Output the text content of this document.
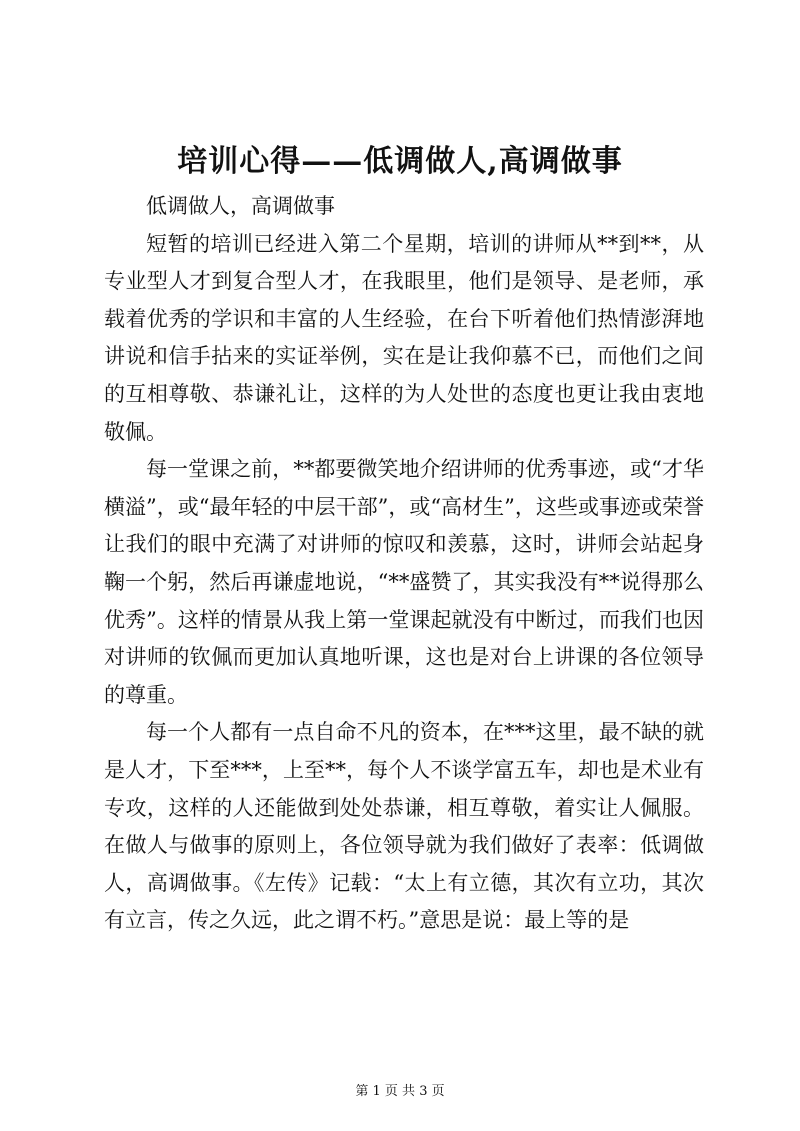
培训心得——低调做人,高调做事

低调做人，高调做事

短暂的培训已经进入第二个星期，培训的讲师从**到**，从专业型人才到复合型人才，在我眼里，他们是领导、是老师，承载着优秀的学识和丰富的人生经验，在台下听着他们热情澎湃地讲说和信手拈来的实证举例，实在是让我仰慕不已，而他们之间的互相尊敬、恭谦礼让，这样的为人处世的态度也更让我由衷地敬佩。

每一堂课之前，**都要微笑地介绍讲师的优秀事迹，或“才华横溢”，或“最年轻的中层干部”，或“高材生”，这些或事迹或荣誉让我们的眼中充满了对讲师的惊叹和羡慕，这时，讲师会站起身鞠一个躬，然后再谦虚地说，“**盛赞了，其实我没有**说得那么优秀”。这样的情景从我上第一堂课起就没有中断过，而我们也因对讲师的钦佩而更加认真地听课，这也是对台上讲课的各位领导的尊重。

每一个人都有一点自命不凡的资本，在***这里，最不缺的就是人才，下至***，上至**，每个人不谈学富五车，却也是术业有专攻，这样的人还能做到处处恭谦，相互尊敬，着实让人佩服。在做人与做事的原则上，各位领导就为我们做好了表率：低调做人，高调做事。《左传》记载：“太上有立德，其次有立功，其次有立言，传之久远，此之谓不朽。”意思是说：最上等的是

第 1 页 共 3 页
